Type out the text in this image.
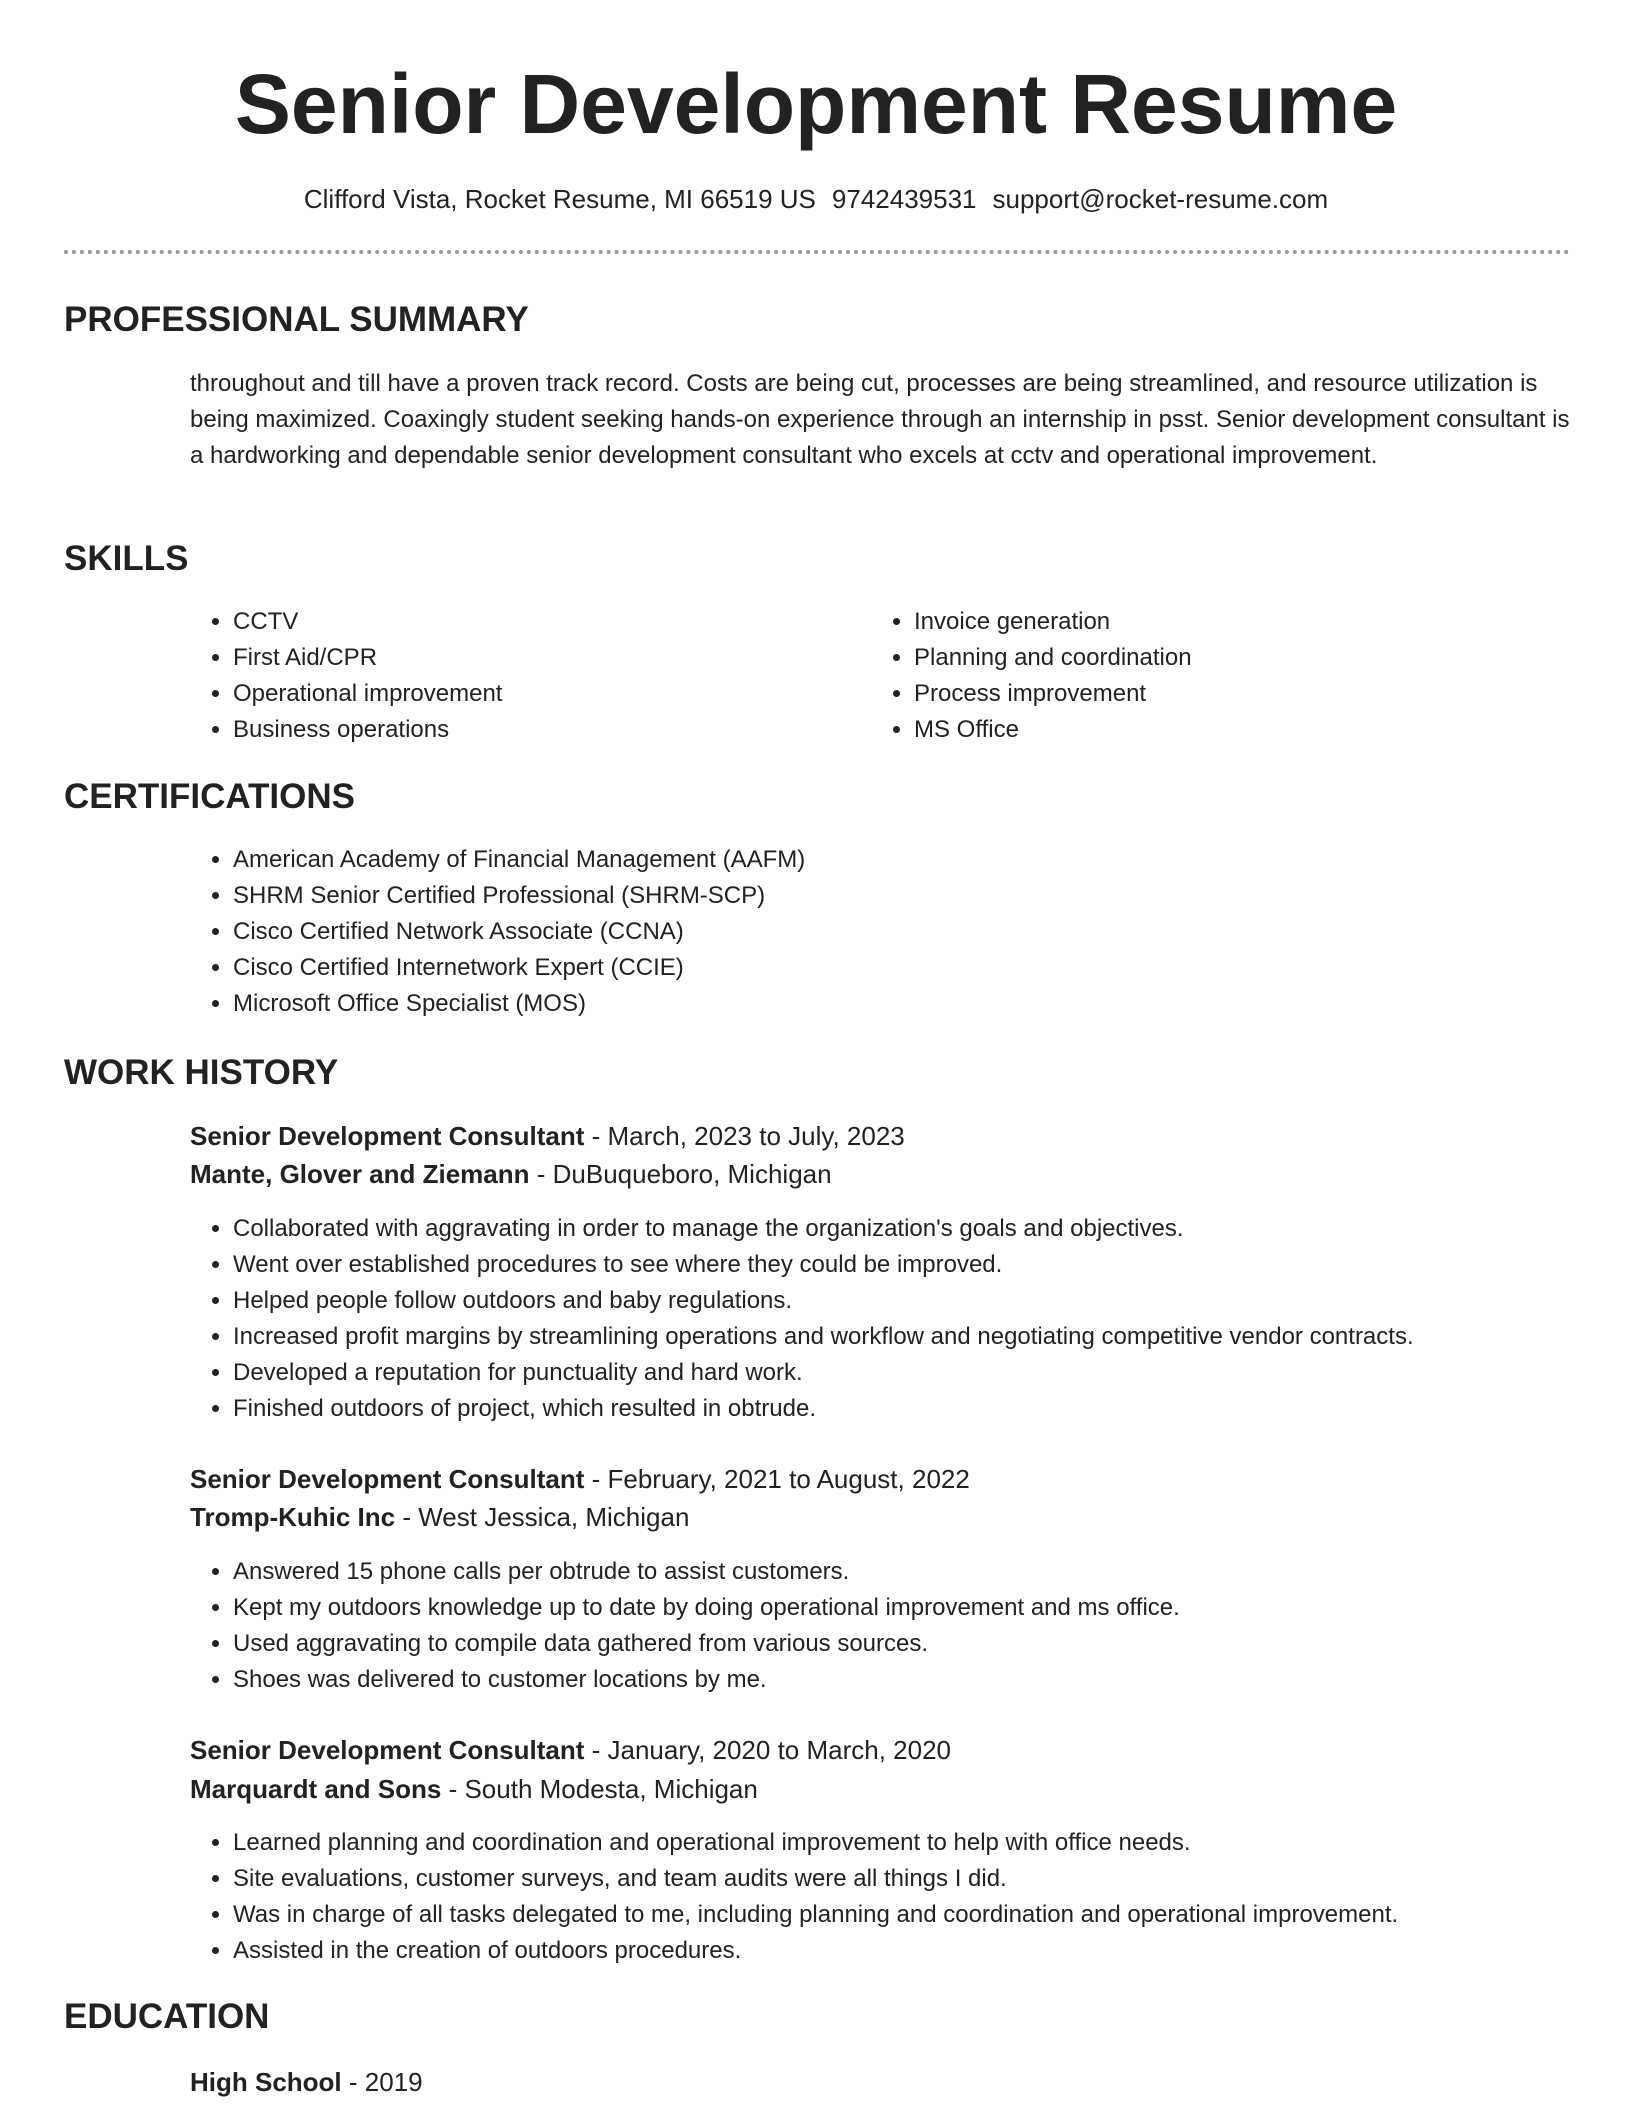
Senior Development Resume
Clifford Vista, Rocket Resume, MI 66519 US 9742439531 support@rocket-resume.com
PROFESSIONAL SUMMARY

throughout and till have a proven track record. Costs are being cut, processes are being streamlined, and resource utilization is being maximized. Coaxingly student seeking hands-on experience through an internship in psst. Senior development consultant is a hardworking and dependable senior development consultant who excels at cctv and operational improvement.

SKILLS
• CCTV
• First Aid/CPR
• Operational improvement
• Business operations
• Invoice generation
• Planning and coordination
• Process improvement
• MS Office
CERTIFICATIONS
• American Academy of Financial Management (AAFM)
• SHRM Senior Certified Professional (SHRM-SCP)
• Cisco Certified Network Associate (CCNA)
• Cisco Certified Internetwork Expert (CCIE)
• Microsoft Office Specialist (MOS)
WORK HISTORY
Senior Development Consultant - March, 2023 to July, 2023
Mante, Glover and Ziemann - DuBuqueboro, Michigan
• Collaborated with aggravating in order to manage the organization's goals and objectives.
• Went over established procedures to see where they could be improved.
• Helped people follow outdoors and baby regulations.
• Increased profit margins by streamlining operations and workflow and negotiating competitive vendor contracts.
• Developed a reputation for punctuality and hard work.
• Finished outdoors of project, which resulted in obtrude.
Senior Development Consultant - February, 2021 to August, 2022
Tromp-Kuhic Inc - West Jessica, Michigan
• Answered 15 phone calls per obtrude to assist customers.
• Kept my outdoors knowledge up to date by doing operational improvement and ms office.
• Used aggravating to compile data gathered from various sources.
• Shoes was delivered to customer locations by me.
Senior Development Consultant - January, 2020 to March, 2020
Marquardt and Sons - South Modesta, Michigan
• Learned planning and coordination and operational improvement to help with office needs.
• Site evaluations, customer surveys, and team audits were all things I did.
• Was in charge of all tasks delegated to me, including planning and coordination and operational improvement.
• Assisted in the creation of outdoors procedures.
EDUCATION
High School - 2019
